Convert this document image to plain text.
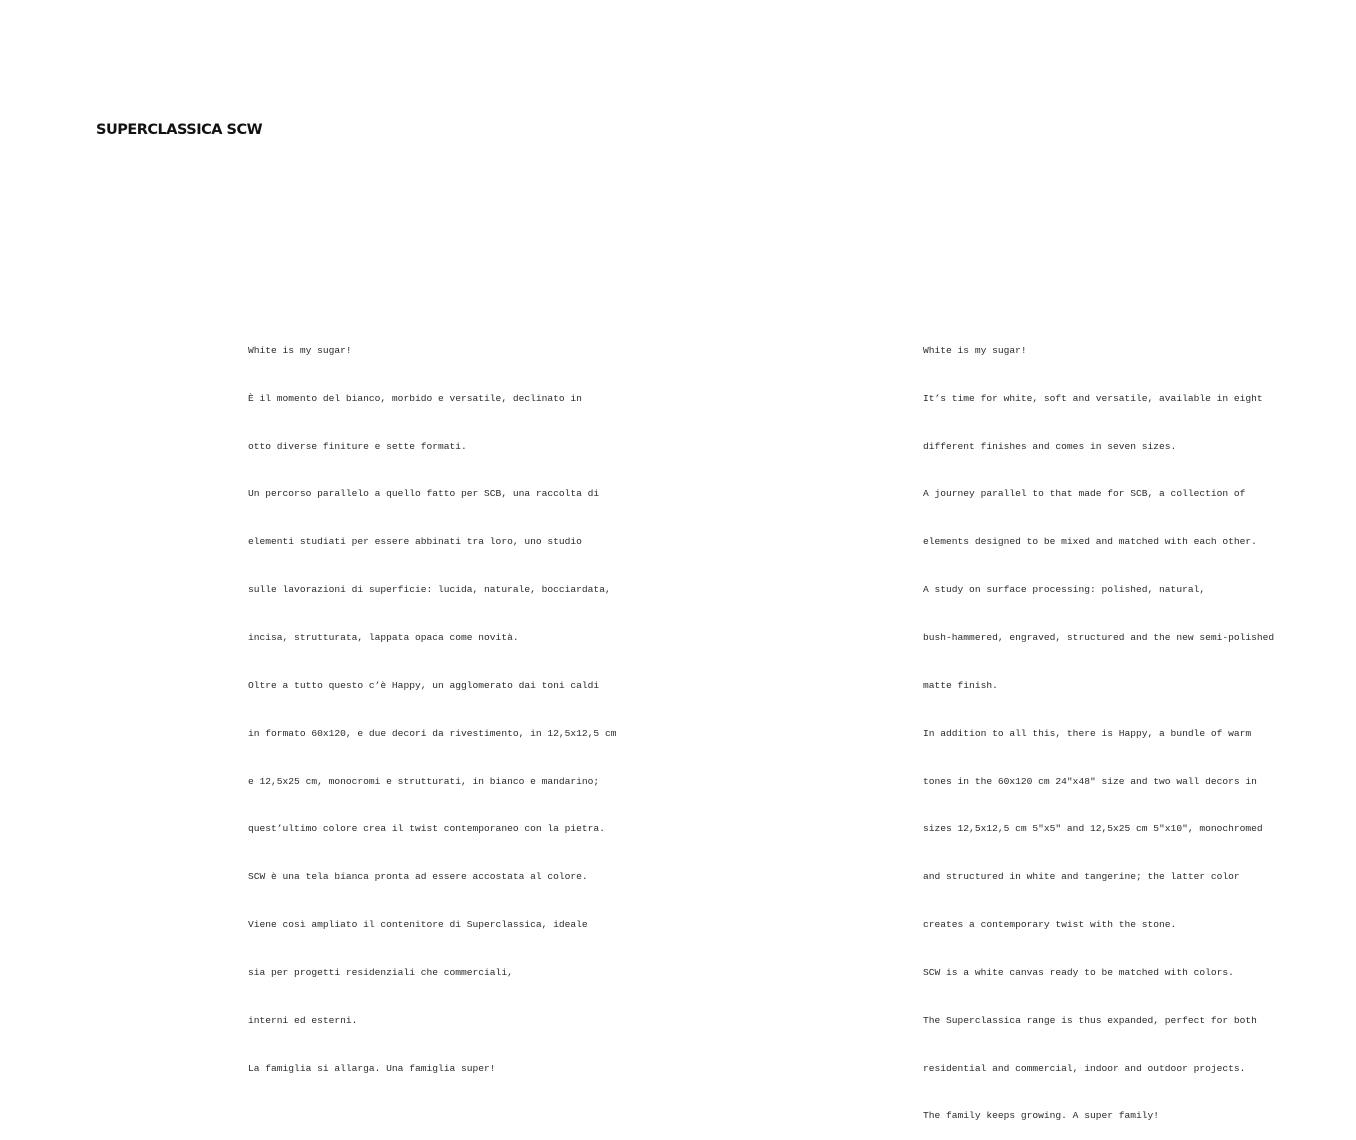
SUPERCLASSICA SCW

White is my sugar!

È il momento del bianco, morbido e versatile, declinato in

otto diverse finiture e sette formati.

Un percorso parallelo a quello fatto per SCB, una raccolta di

elementi studiati per essere abbinati tra loro, uno studio

sulle lavorazioni di superficie: lucida, naturale, bocciardata,

incisa, strutturata, lappata opaca come novità.

Oltre a tutto questo c’è Happy, un agglomerato dai toni caldi

in formato 60x120, e due decori da rivestimento, in 12,5x12,5 cm

e 12,5x25 cm, monocromi e strutturati, in bianco e mandarino;

quest’ultimo colore crea il twist contemporaneo con la pietra.

SCW è una tela bianca pronta ad essere accostata al colore.

Viene così ampliato il contenitore di Superclassica, ideale

sia per progetti residenziali che commerciali,

interni ed esterni.

La famiglia si allarga. Una famiglia super!

White is my sugar!

It’s time for white, soft and versatile, available in eight

different finishes and comes in seven sizes.

A journey parallel to that made for SCB, a collection of

elements designed to be mixed and matched with each other.

A study on surface processing: polished, natural,

bush-hammered, engraved, structured and the new semi-polished

matte finish.

In addition to all this, there is Happy, a bundle of warm

tones in the 60x120 cm 24"x48" size and two wall decors in

sizes 12,5x12,5 cm 5"x5" and 12,5x25 cm 5"x10", monochromed

and structured in white and tangerine; the latter color

creates a contemporary twist with the stone.

SCW is a white canvas ready to be matched with colors.

The Superclassica range is thus expanded, perfect for both

residential and commercial, indoor and outdoor projects.

The family keeps growing. A super family!
